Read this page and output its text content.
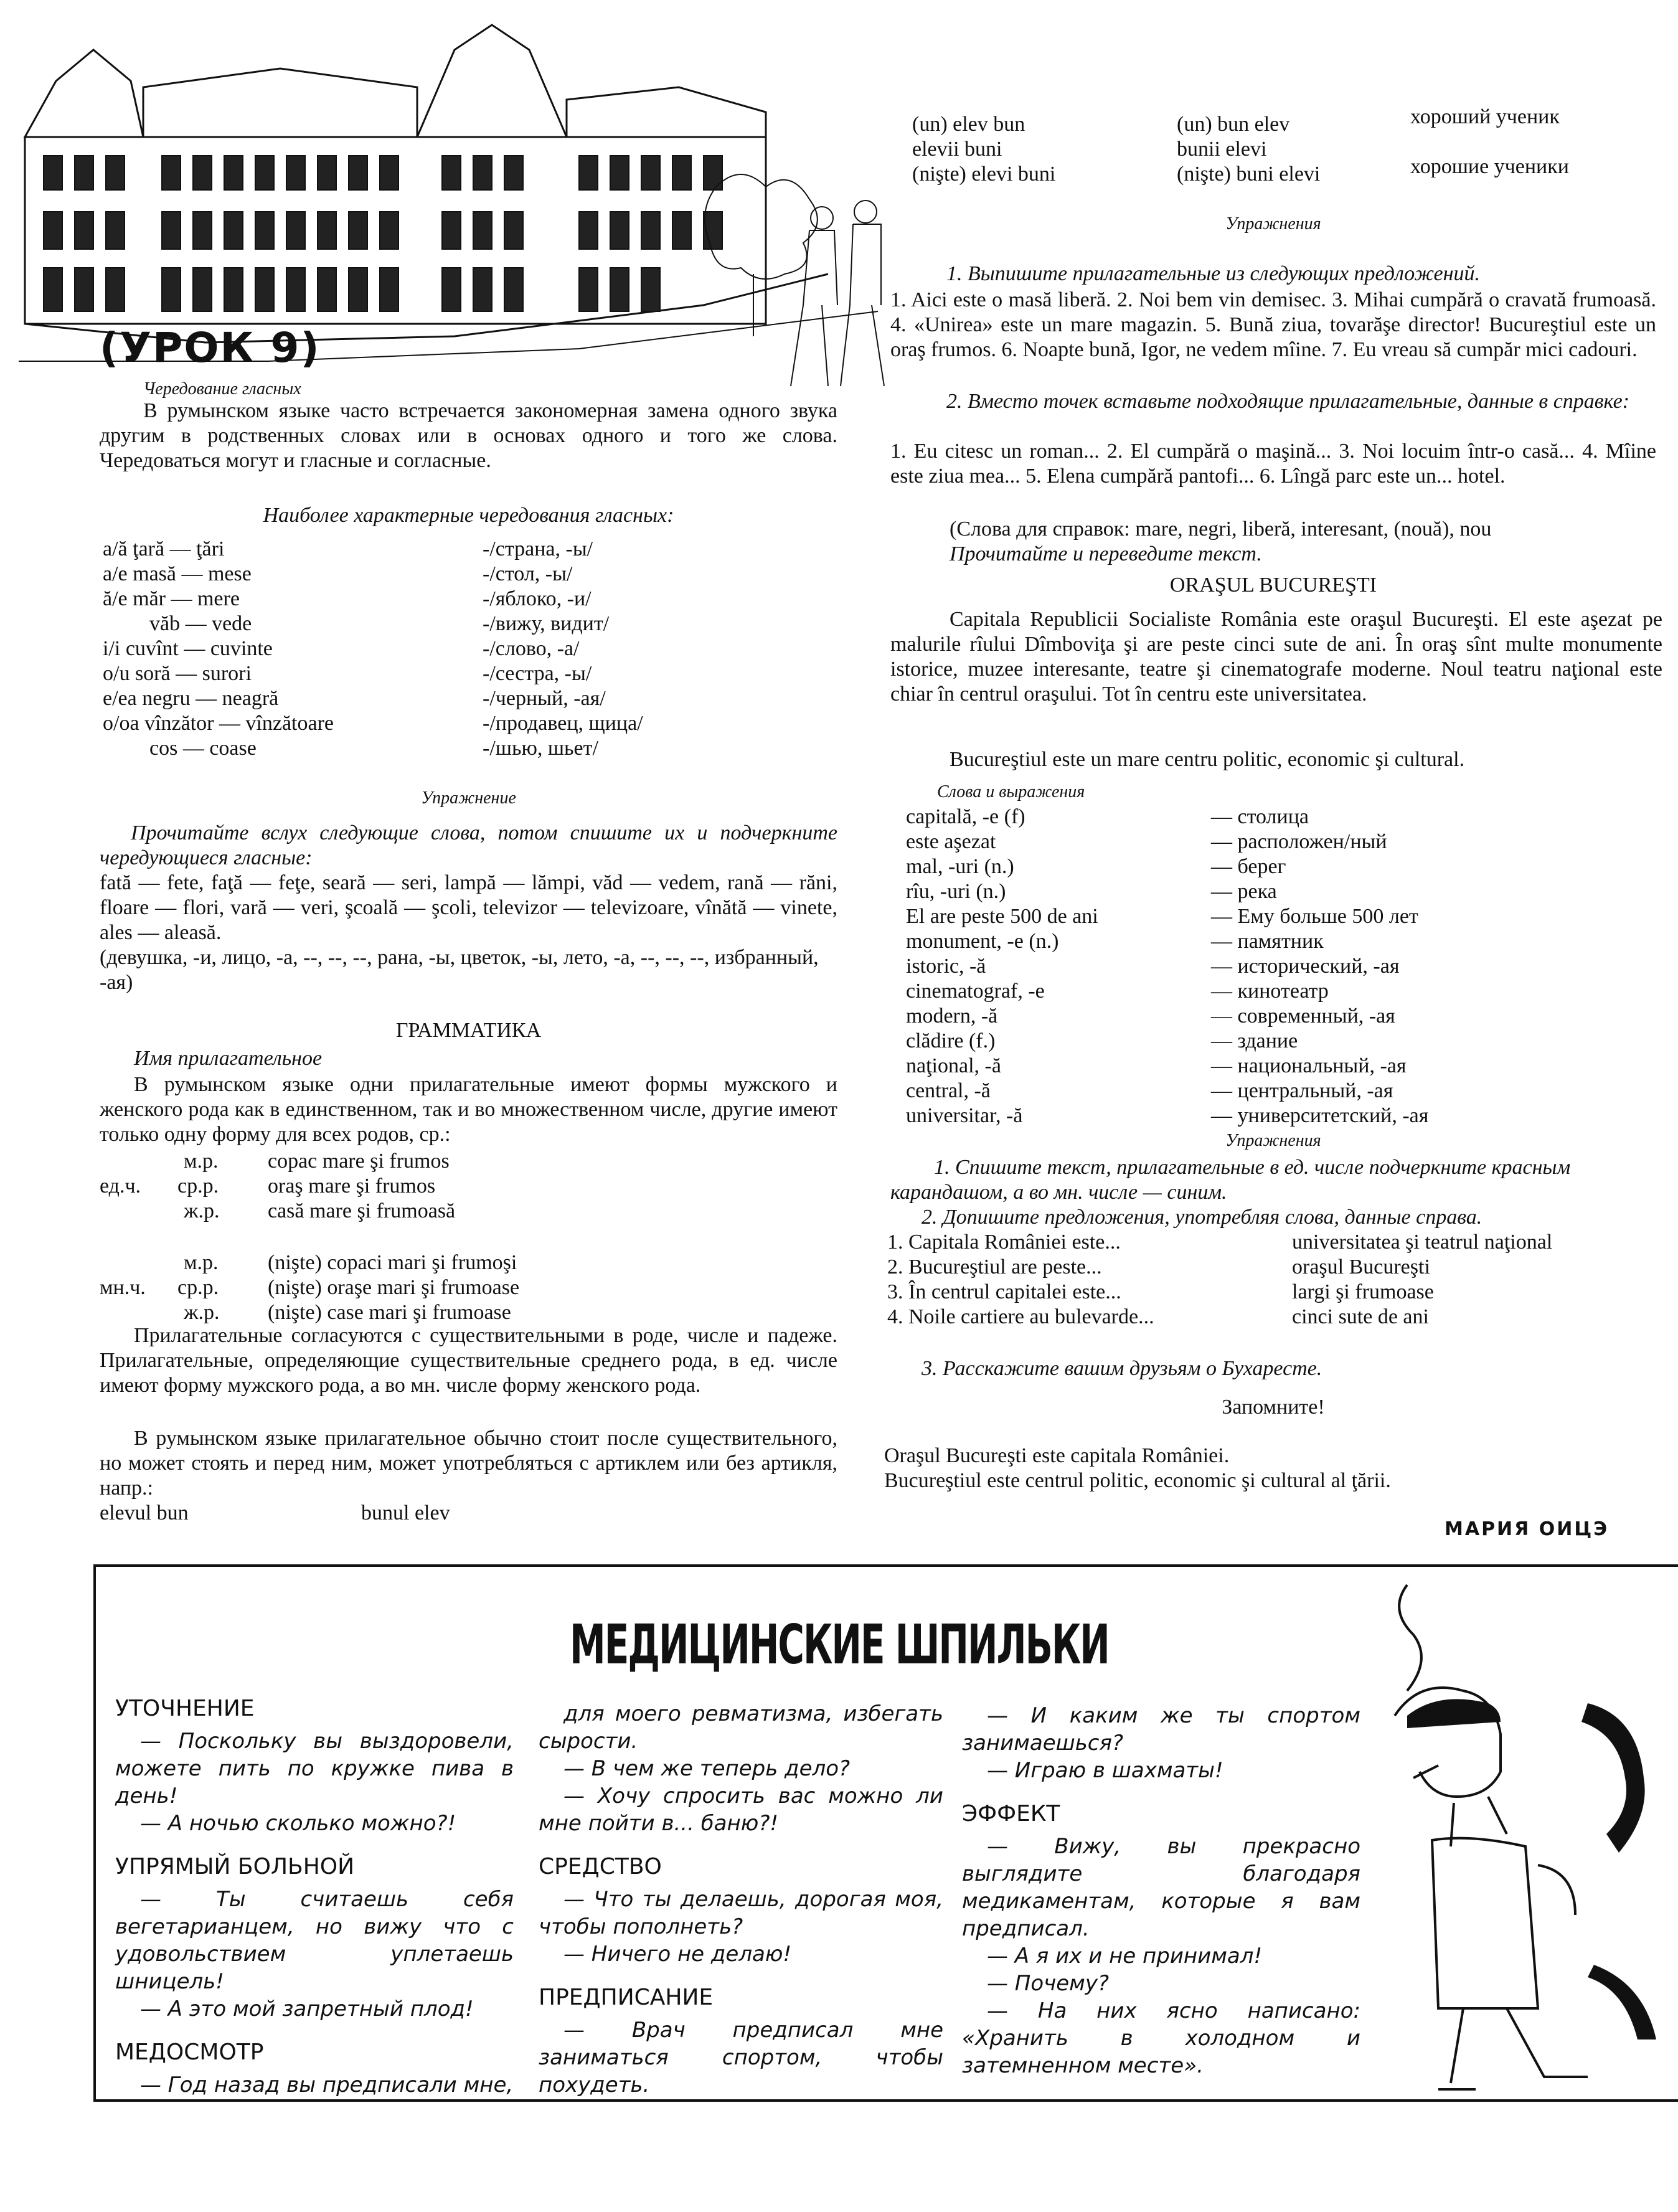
(УРОК 9)
Чередование гласных

В румынском языке часто встречается закономерная замена одного звука другим в родственных словах или в основах одного и того же слова. Чередоваться могут и гласные и согласные.

Наиболее характерные чередования гласных:
a/ă ţară — ţări	-/страна, -ы/
a/e masă — mese	-/стол, -ы/
ă/e măr — mere	-/яблоко, -и/
văb — vede	-/вижу, видит/
i/i cuvînt — cuvinte	-/слово, -а/
o/u soră — surori	-/сестра, -ы/
e/ea negru — neagră	-/черный, -ая/
o/oa vînzător — vînzătoare	-/продавец, щица/
cos — coase	-/шью, шьет/
Упражнение

Прочитайте вслух следующие слова, потом спишите их и подчеркните чередующиеся гласные:

fată — fete, faţă — feţe, seară — seri, lampă — lămpi, văd — vedem, rană — răni, floare — flori, vară — veri, şcoală — şcoli, televizor — televizoare, vînătă — vinete, ales — aleasă.

(девушка, -и, лицо, -а, --, --, --, рана, -ы, цветок, -ы, лето, -а, --, --, --, избранный, -ая)

ГРАММАТИКА
Имя прилагательное

В румынском языке одни прилагательные имеют формы мужского и женского рода как в единственном, так и во множественном числе, другие имеют только одну форму для всех родов, ср.:

ед.ч.
м.р. copac mare şi frumos
ср.р. oraş mare şi frumos
ж.р. casă mare şi frumoasă
мн.ч.
м.р. (nişte) copaci mari şi frumoşi
ср.р. (nişte) oraşe mari şi frumoase
ж.р. (nişte) case mari şi frumoase

Прилагательные согласуются с существительными в роде, числе и падеже. Прилагательные, определяющие существительные среднего рода, в ед. числе имеют форму мужского рода, а во мн. числе форму женского рода.

В румынском языке прилагательное обычно стоит после существительного, но может стоять и перед ним, может употребляться с артиклем или без артикля, напр.:

elevul bun	bunul elev
(un) elev bun	(un) bun elev	хороший ученик
elevii buni	bunii elevi
(nişte) elevi buni	(nişte) buni elevi	хорошие ученики
Упражнения

1. Выпишите прилагательные из следующих предложений.

1. Aici este o masă liberă. 2. Noi bem vin demisec. 3. Mihai cumpără o cravată frumoasă. 4. «Unirea» este un mare magazin. 5. Bună ziua, tovarăşe director! Bucureştiul este un oraş frumos. 6. Noapte bună, Igor, ne vedem mîine. 7. Eu vreau să cumpăr mici cadouri.

2. Вместо точек вставьте подходящие прилагательные, данные в справке:

1. Eu citesc un roman... 2. El cumpără o maşină... 3. Noi locuim într-o casă... 4. Mîine este ziua mea... 5. Elena cumpără pantofi... 6. Lîngă parc este un... hotel.

(Слова для справок: mare, negri, liberă, interesant, (nouă), nou

Прочитайте и переведите текст.

ORAŞUL BUCUREŞTI

Capitala Republicii Socialiste România este oraşul Bucureşti. El este aşezat pe malurile rîului Dîmboviţa şi are peste cinci sute de ani. În oraş sînt multe monumente istorice, muzee interesante, teatre şi cinematografe moderne. Noul teatru naţional este chiar în centrul oraşului. Tot în centru este universitatea.

Bucureştiul este un mare centru politic, economic şi cultural.

Слова и выражения
capitală, -e (f)	— столица
este aşezat	— расположен/ный
mal, -uri (n.)	— берег
rîu, -uri (n.)	— река
El are peste 500 de ani	— Ему больше 500 лет
monument, -e (n.)	— памятник
istoric, -ă	— исторический, -ая
cinematograf, -e	— кинотеатр
modern, -ă	— современный, -ая
clădire (f.)	— здание
naţional, -ă	— национальный, -ая
central, -ă	— центральный, -ая
universitar, -ă	— университетский, -ая
Упражнения

1. Спишите текст, прилагательные в ед. числе подчеркните красным карандашом, а во мн. числе — синим.

2. Допишите предложения, употребляя слова, данные справа.

1. Capitala României este...	universitatea şi teatrul naţional
2. Bucureştiul are peste...	oraşul Bucureşti
3. În centrul capitalei este...	largi şi frumoase
4. Noile cartiere au bulevarde...	cinci sute de ani

3. Расскажите вашим друзьям о Бухаресте.

Запомните!

Oraşul Bucureşti este capitala României.

Bucureştiul este centrul politic, economic şi cultural al ţării.

МАРИЯ ОИЦЭ
МЕДИЦИНСКИЕ ШПИЛЬКИ
УТОЧНЕНИЕ
— Поскольку вы выздоровели, можете пить по кружке пива в день!
— А ночью сколько можно?!
УПРЯМЫЙ БОЛЬНОЙ
— Ты считаешь себя вегетарианцем, но вижу что с удовольствием уплетаешь шницель!
— А это мой запретный плод!
МЕДОСМОТР
— Год назад вы предписали мне,
для моего ревматизма, избегать сырости.
— В чем же теперь дело?
— Хочу спросить вас можно ли мне пойти в... баню?!
СРЕДСТВО
— Что ты делаешь, дорогая моя, чтобы пополнеть?
— Ничего не делаю!
ПРЕДПИСАНИЕ
— Врач предписал мне заниматься спортом, чтобы похудеть.
— И каким же ты спортом занимаешься?
— Играю в шахматы!
ЭФФЕКТ
— Вижу, вы прекрасно выглядите благодаря медикаментам, которые я вам предписал.
— А я их и не принимал!
— Почему?
— На них ясно написано: «Хранить в холодном и затемненном месте».
